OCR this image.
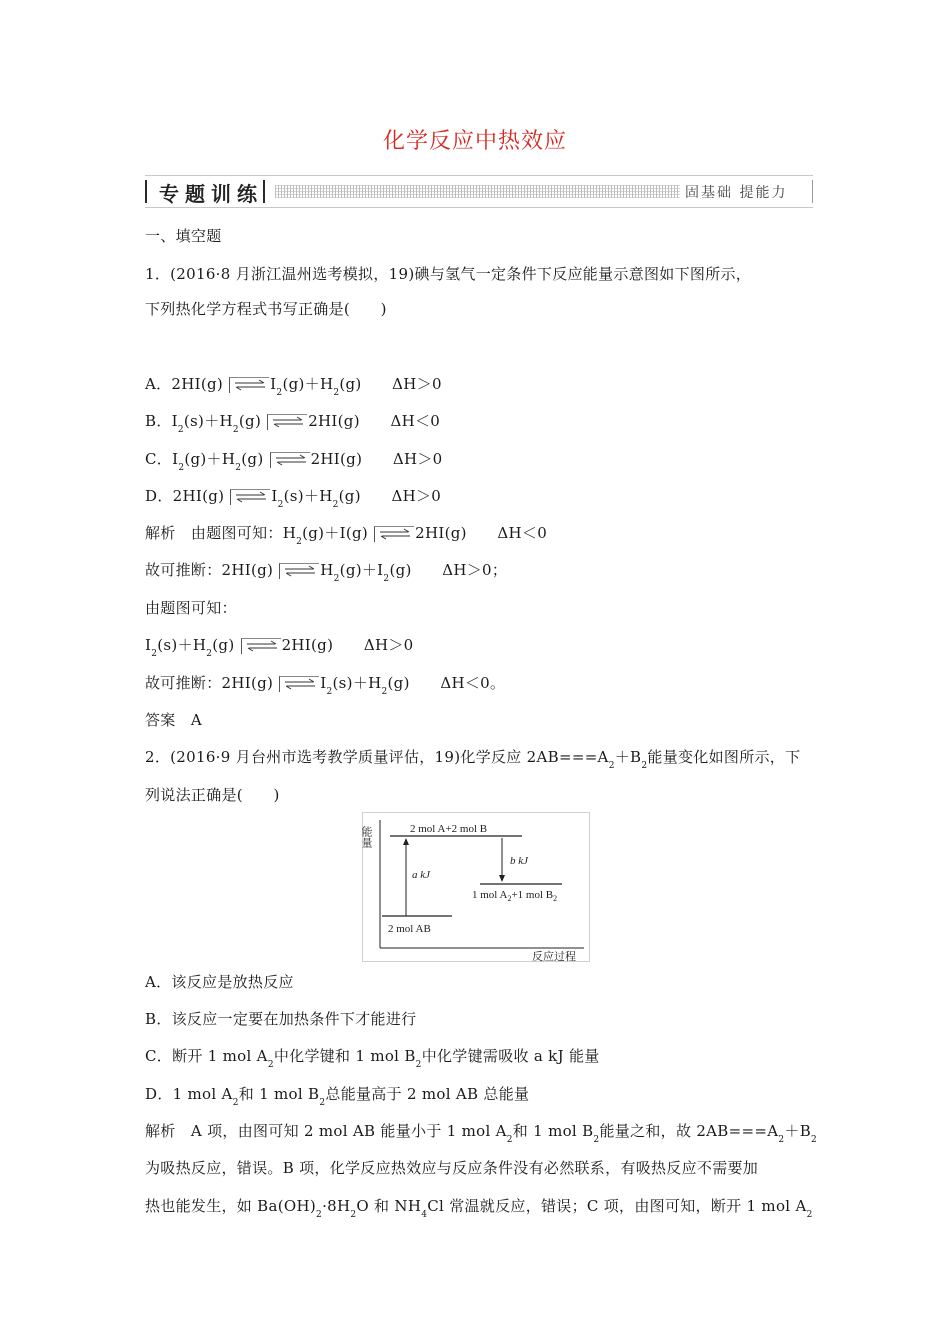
化学反应中热效应
专题训练	固基础 提能力
一、填空题
1．(2016·8 月浙江温州选考模拟，19)碘与氢气一定条件下反应能量示意图如下图所示，
下列热化学方程式书写正确是(　　)
A．2HI(g)	$I_2(g)+H_2(g)$　　ΔH＞0
B．$I_2(s)+H_2(g)$	2HI(g)　　ΔH＜0
C．$I_2(g)+H_2(g)$	2HI(g)　　ΔH＞0
D．2HI(g)	$I_2(s)+H_2(g)$　　ΔH＞0
解析　由题图可知：$H_2(g)+I(g)$	2HI(g)　　ΔH＜0
故可推断：2HI(g)	$H_2(g)+I_2(g)$　　ΔH＞0；
由题图可知：
$I_2(s)+H_2(g)$	2HI(g)　　ΔH＞0
故可推断：2HI(g)	$I_2(s)+H_2(g)$　　ΔH＜0。
答案　A
2．(2016·9 月台州市选考教学质量评估，19)化学反应 $2AB===A_2+B_2$能量变化如图所示，下
列说法正确是(　　)
能量
反应过程
2 mol A+2 mol B
1 mol $A_2+1$ mol $B_2$
2 mol AB
a kJ
b kJ
A．该反应是放热反应
B．该反应一定要在加热条件下才能进行
C．断开 1 mol $A_2$中化学键和 1 mol $B_2$中化学键需吸收 a kJ 能量
D．1 mol $A_2$和 1 mol $B_2$总能量高于 2 mol AB 总能量
解析　A 项，由图可知 2 mol AB 能量小于 1 mol $A_2$和 1 mol $B_2$能量之和，故 $2AB===A_2+B_2$
为吸热反应，错误。B 项，化学反应热效应与反应条件没有必然联系，有吸热反应不需要加
热也能发生，如 $Ba(OH)_2\cdot 8H_2O$ 和 $NH_4Cl$ 常温就反应，错误；C 项，由图可知，断开 1 mol $A_2$
